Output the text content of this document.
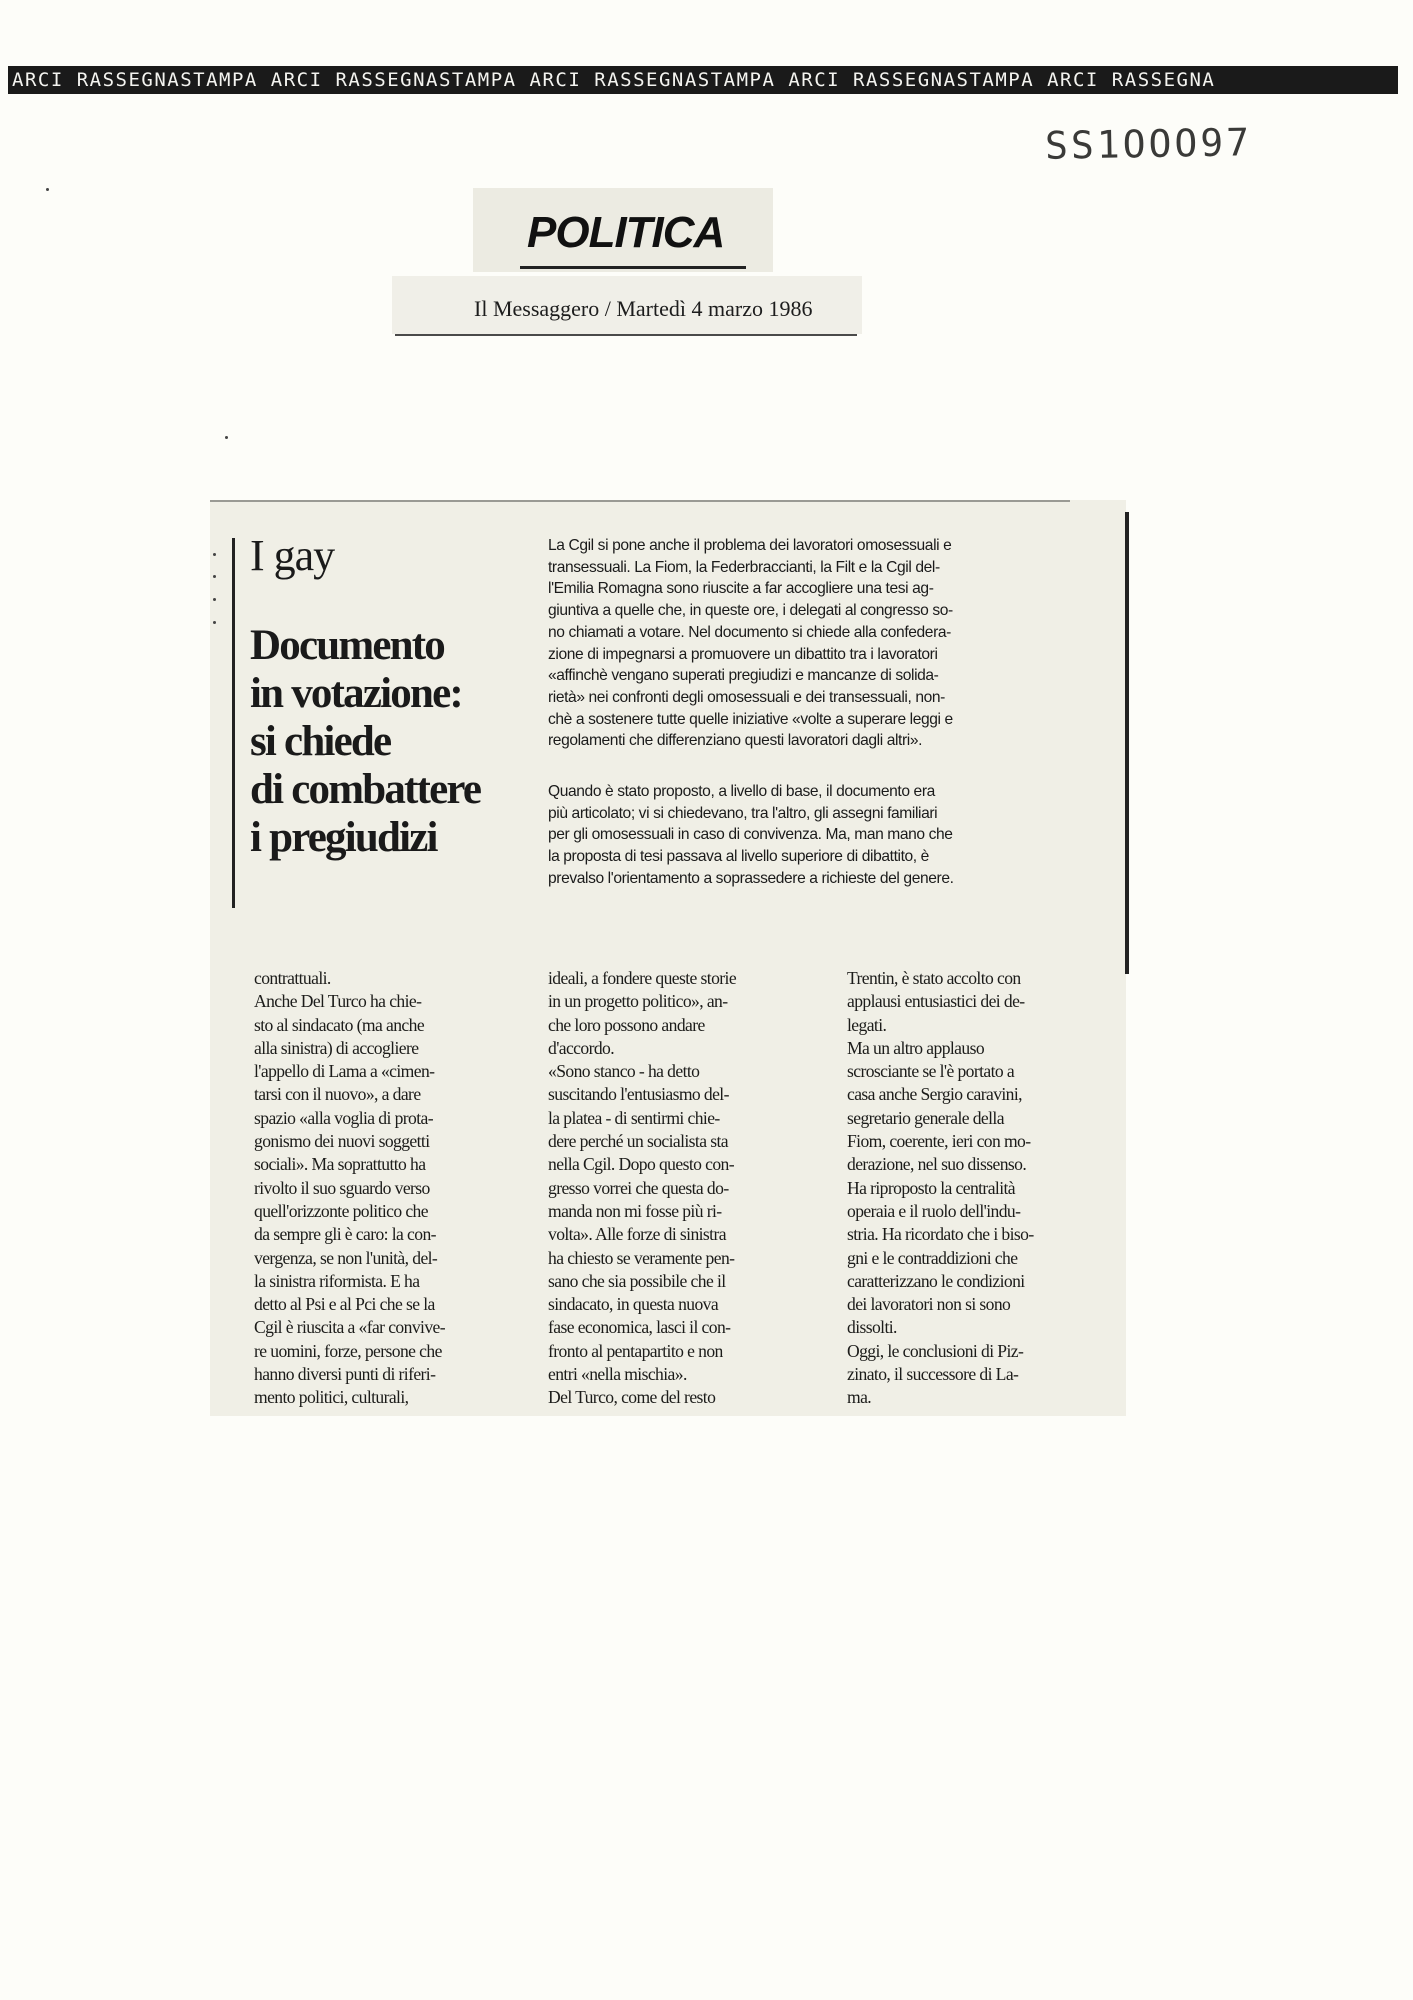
ARCI RASSEGNASTAMPA ARCI RASSEGNASTAMPA ARCI RASSEGNASTAMPA ARCI RASSEGNASTAMPA ARCI RASSEGNA
SS1OOO97
POLITICA
Il Messaggero / Martedì 4 marzo 1986
I gay
Documento
in votazione:
si chiede
di combattere
i pregiudizi
La Cgil si pone anche il problema dei lavoratori omosessuali e
transessuali. La Fiom, la Federbraccianti, la Filt e la Cgil del-
l'Emilia Romagna sono riuscite a far accogliere una tesi ag-
giuntiva a quelle che, in queste ore, i delegati al congresso so-
no chiamati a votare. Nel documento si chiede alla confedera-
zione di impegnarsi a promuovere un dibattito tra i lavoratori
«affinchè vengano superati pregiudizi e mancanze di solida-
rietà» nei confronti degli omosessuali e dei transessuali, non-
chè a sostenere tutte quelle iniziative «volte a superare leggi e
regolamenti che differenziano questi lavoratori dagli altri».
Quando è stato proposto, a livello di base, il documento era
più articolato; vi si chiedevano, tra l'altro, gli assegni familiari
per gli omosessuali in caso di convivenza. Ma, man mano che
la proposta di tesi passava al livello superiore di dibattito, è
prevalso l'orientamento a soprassedere a richieste del genere.
contrattuali.
Anche Del Turco ha chie-
sto al sindacato (ma anche
alla sinistra) di accogliere
l'appello di Lama a «cimen-
tarsi con il nuovo», a dare
spazio «alla voglia di prota-
gonismo dei nuovi soggetti
sociali». Ma soprattutto ha
rivolto il suo sguardo verso
quell'orizzonte politico che
da sempre gli è caro: la con-
vergenza, se non l'unità, del-
la sinistra riformista. E ha
detto al Psi e al Pci che se la
Cgil è riuscita a «far convive-
re uomini, forze, persone che
hanno diversi punti di riferi-
mento politici, culturali,
ideali, a fondere queste storie
in un progetto politico», an-
che loro possono andare
d'accordo.
«Sono stanco - ha detto
suscitando l'entusiasmo del-
la platea - di sentirmi chie-
dere perché un socialista sta
nella Cgil. Dopo questo con-
gresso vorrei che questa do-
manda non mi fosse più ri-
volta». Alle forze di sinistra
ha chiesto se veramente pen-
sano che sia possibile che il
sindacato, in questa nuova
fase economica, lasci il con-
fronto al pentapartito e non
entri «nella mischia».
Del Turco, come del resto
Trentin, è stato accolto con
applausi entusiastici dei de-
legati.
Ma un altro applauso
scrosciante se l'è portato a
casa anche Sergio caravini,
segretario generale della
Fiom, coerente, ieri con mo-
derazione, nel suo dissenso.
Ha riproposto la centralità
operaia e il ruolo dell'indu-
stria. Ha ricordato che i biso-
gni e le contraddizioni che
caratterizzano le condizioni
dei lavoratori non si sono
dissolti.
Oggi, le conclusioni di Piz-
zinato, il successore di La-
ma.
